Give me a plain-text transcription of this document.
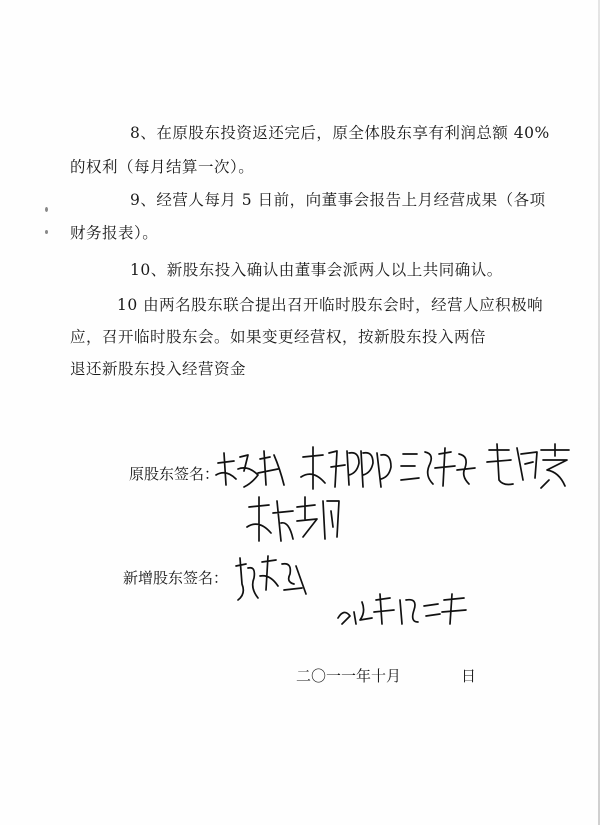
8、在原股东投资返还完后，原全体股东享有利润总额 40%
的权利（每月结算一次）。
9、经营人每月 5 日前，向董事会报告上月经营成果（各项
财务报表）。
10、新股东投入确认由董事会派两人以上共同确认。
10 由两名股东联合提出召开临时股东会时，经营人应积极响
应，召开临时股东会。如果变更经营权，按新股东投入两倍
退还新股东投入经营资金
原股东签名：
新增股东签名：
二〇一一年十月	日
